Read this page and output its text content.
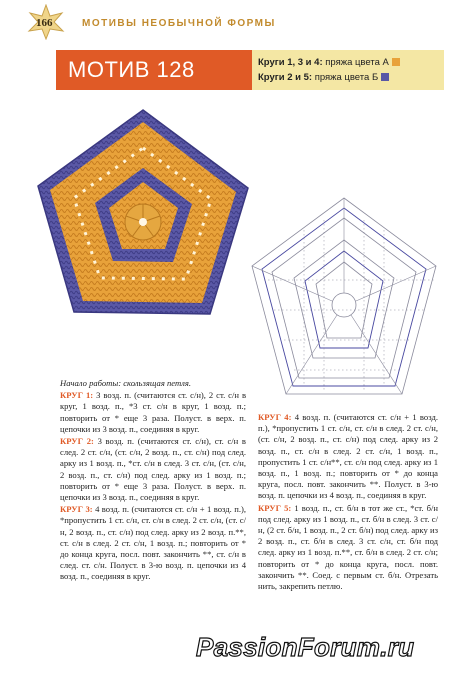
166	МОТИВЫ НЕОБЫЧНОЙ ФОРМЫ
МОТИВ 128	Круги 1, 3 и 4: пряжа цвета А
Круги 2 и 5: пряжа цвета Б

Начало работы: скользящая петля.

КРУГ 1: 3 возд. п. (считаются ст. с/н), 2 ст. с/н в круг, 1 возд. п., *3 ст. с/н в круг, 1 возд. п.; повторить от * еще 3 раза. Полуст. в верх. п. цепочки из 3 возд. п., соединяя в круг.

КРУГ 2: 3 возд. п. (считаются ст. с/н), ст. с/н в след. 2 ст. с/н, (ст. с/н, 2 возд. п., ст. с/н) под след. арку из 1 возд. п., *ст. с/н в след. 3 ст. с/н, (ст. с/н, 2 возд. п., ст. с/н) под след. арку из 1 возд. п.; повторить от * еще 3 раза. Полуст. в верх. п. цепочки из 3 возд. п., соединяя в круг.

КРУГ 3: 4 возд. п. (считаются ст. с/н + 1 возд. п.), *пропустить 1 ст. с/н, ст. с/н в след. 2 ст. с/н, (ст. с/н, 2 возд. п., ст. с/н) под след. арку из 2 возд. п.**, ст. с/н в след. 2 ст. с/н, 1 возд. п.; повторить от * до конца круга, посл. повт. закончить **, ст. с/н в след. ст. с/н. Полуст. в 3-ю возд. п. цепочки из 4 возд. п., соединяя в круг.

КРУГ 4: 4 возд. п. (считаются ст. с/н + 1 возд. п.), *пропустить 1 ст. с/н, ст. с/н в след. 2 ст. с/н, (ст. с/н, 2 возд. п., ст. с/н) под след. арку из 2 возд. п., ст. с/н в след. 2 ст. с/н, 1 возд. п., пропустить 1 ст. с/н**, ст. с/н под след. арку из 1 возд. п., 1 возд. п.; повторить от * до конца круга, посл. повт. закончить **. Полуст. в 3-ю возд. п. цепочки из 4 возд. п., соединяя в круг.

КРУГ 5: 1 возд. п., ст. б/н в тот же ст., *ст. б/н под след. арку из 1 возд. п., ст. б/н в след. 3 ст. с/н, (2 ст. б/н, 1 возд. п., 2 ст. б/н) под след. арку из 2 возд. п., ст. б/н в след. 3 ст. с/н, ст. б/н под след. арку из 1 возд. п.**, ст. б/н в след. 2 ст. с/н; повторить от * до конца круга, посл. повт. закончить **. Соед. с первым ст. б/н. Отрезать нить, закрепить петлю.

PassionForum.ru
